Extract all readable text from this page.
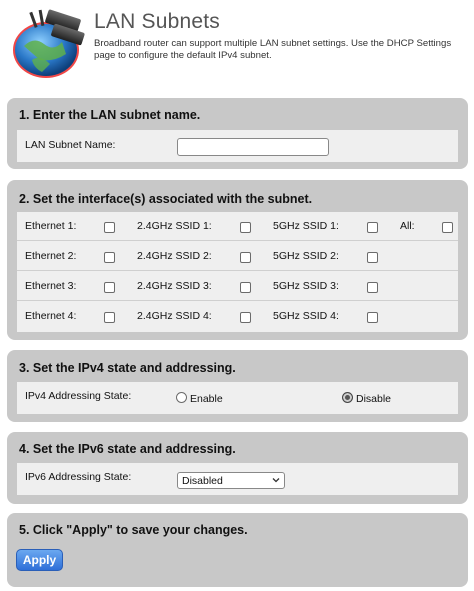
LAN Subnets
Broadband router can support multiple LAN subnet settings. Use the DHCP Settings page to configure the default IPv4 subnet.
1. Enter the LAN subnet name.
LAN Subnet Name:
2. Set the interface(s) associated with the subnet.
Ethernet 1:	2.4GHz SSID 1:	5GHz SSID 1:	All:
Ethernet 2:	2.4GHz SSID 2:	5GHz SSID 2:
Ethernet 3:	2.4GHz SSID 3:	5GHz SSID 3:
Ethernet 4:	2.4GHz SSID 4:	5GHz SSID 4:
3. Set the IPv4 state and addressing.
IPv4 Addressing State:	Enable	Disable
4. Set the IPv6 state and addressing.
IPv6 Addressing State:	Disabled
5. Click "Apply" to save your changes.
Apply
